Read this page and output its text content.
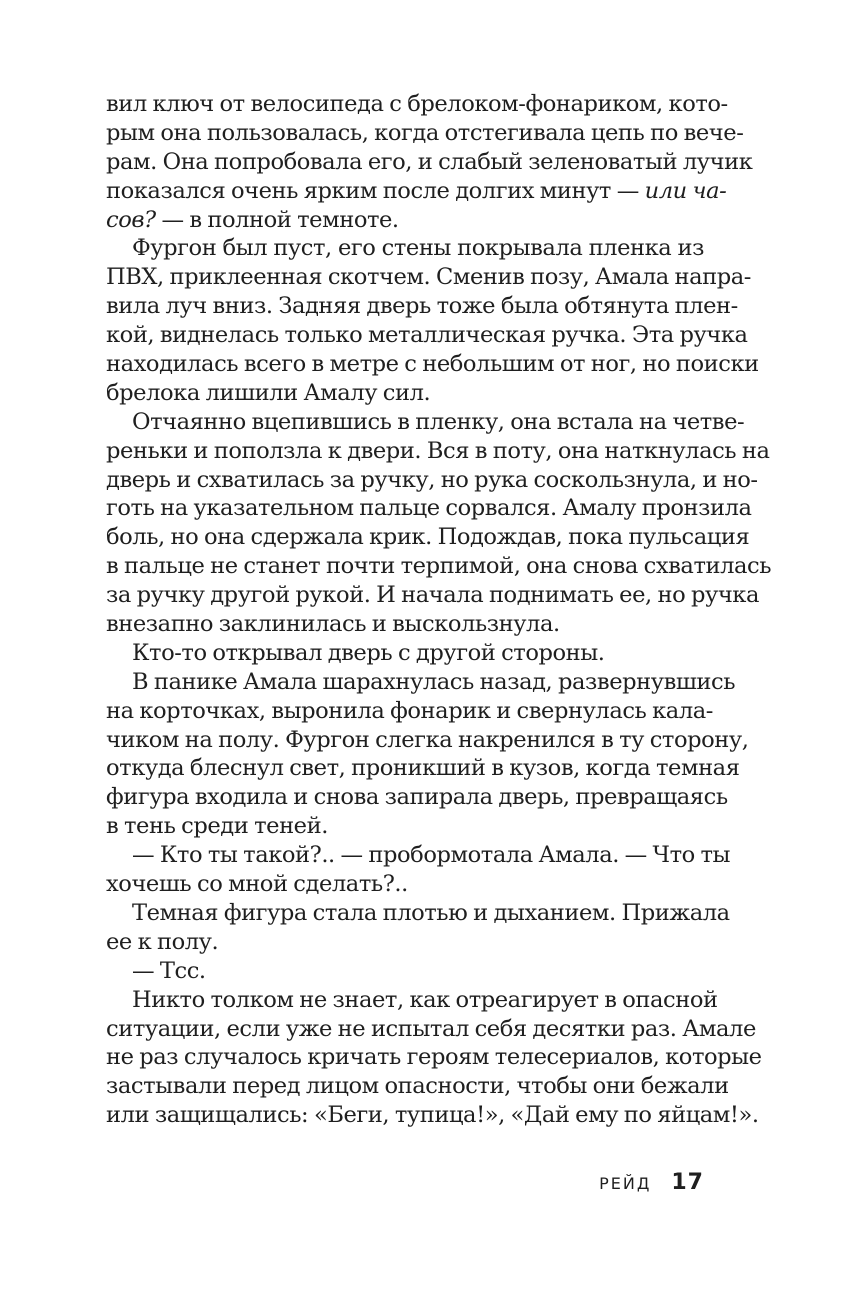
вил ключ от велосипеда с брелоком-фонариком, кото-
рым она пользовалась, когда отстегивала цепь по вече-
рам. Она попробовала его, и слабый зеленоватый лучик
показался очень ярким после долгих минут — или ча-
сов? — в полной темноте.
Фургон был пуст, его стены покрывала пленка из
ПВХ, приклеенная скотчем. Сменив позу, Амала напра-
вила луч вниз. Задняя дверь тоже была обтянута плен-
кой, виднелась только металлическая ручка. Эта ручка
находилась всего в метре с небольшим от ног, но поиски
брелока лишили Амалу сил.
Отчаянно вцепившись в пленку, она встала на четве-
реньки и поползла к двери. Вся в поту, она наткнулась на
дверь и схватилась за ручку, но рука соскользнула, и но-
готь на указательном пальце сорвался. Амалу пронзила
боль, но она сдержала крик. Подождав, пока пульсация
в пальце не станет почти терпимой, она снова схватилась
за ручку другой рукой. И начала поднимать ее, но ручка
внезапно заклинилась и выскользнула.
Кто-то открывал дверь с другой стороны.
В панике Амала шарахнулась назад, развернувшись
на корточках, выронила фонарик и свернулась кала-
чиком на полу. Фургон слегка накренился в ту сторону,
откуда блеснул свет, проникший в кузов, когда темная
фигура входила и снова запирала дверь, превращаясь
в тень среди теней.
— Кто ты такой?.. — пробормотала Амала. — Что ты
хочешь со мной сделать?..
Темная фигура стала плотью и дыханием. Прижала
ее к полу.
— Тсс.
Никто толком не знает, как отреагирует в опасной
ситуации, если уже не испытал себя десятки раз. Амале
не раз случалось кричать героям телесериалов, которые
застывали перед лицом опасности, чтобы они бежали
или защищались: «Беги, тупица!», «Дай ему по яйцам!».
РЕЙД 17
